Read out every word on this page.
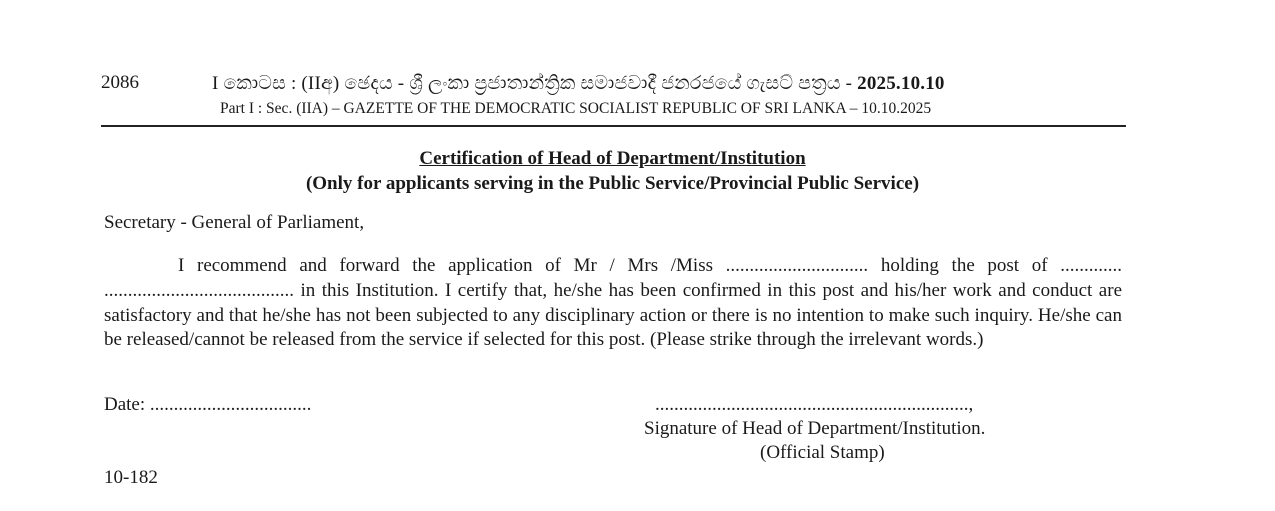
2086	I කොටස : (IIඅ) ඡෙදය - ශ්‍රී ලංකා ප්‍රජාතාන්ත්‍රික සමාජවාදී ජනරජයේ ගැසට් පත්‍රය - 2025.10.10
Part I : Sec. (IIA) – GAZETTE OF THE DEMOCRATIC SOCIALIST REPUBLIC OF SRI LANKA – 10.10.2025
Certification of Head of Department/Institution
(Only for applicants serving in the Public Service/Provincial Public Service)
Secretary - General of Parliament,

I recommend and forward the application of Mr / Mrs /Miss .............................. holding the post of ............. ........................................ in this Institution. I certify that, he/she has been confirmed in this post and his/her work and conduct are satisfactory and that he/she has not been subjected to any disciplinary action or there is no intention to make such inquiry. He/she can be released/cannot be released from the service if selected for this post. (Please strike through the irrelevant words.)

Date: ..................................	..................................................................,
Signature of Head of Department/Institution.
(Official Stamp)
10-182
